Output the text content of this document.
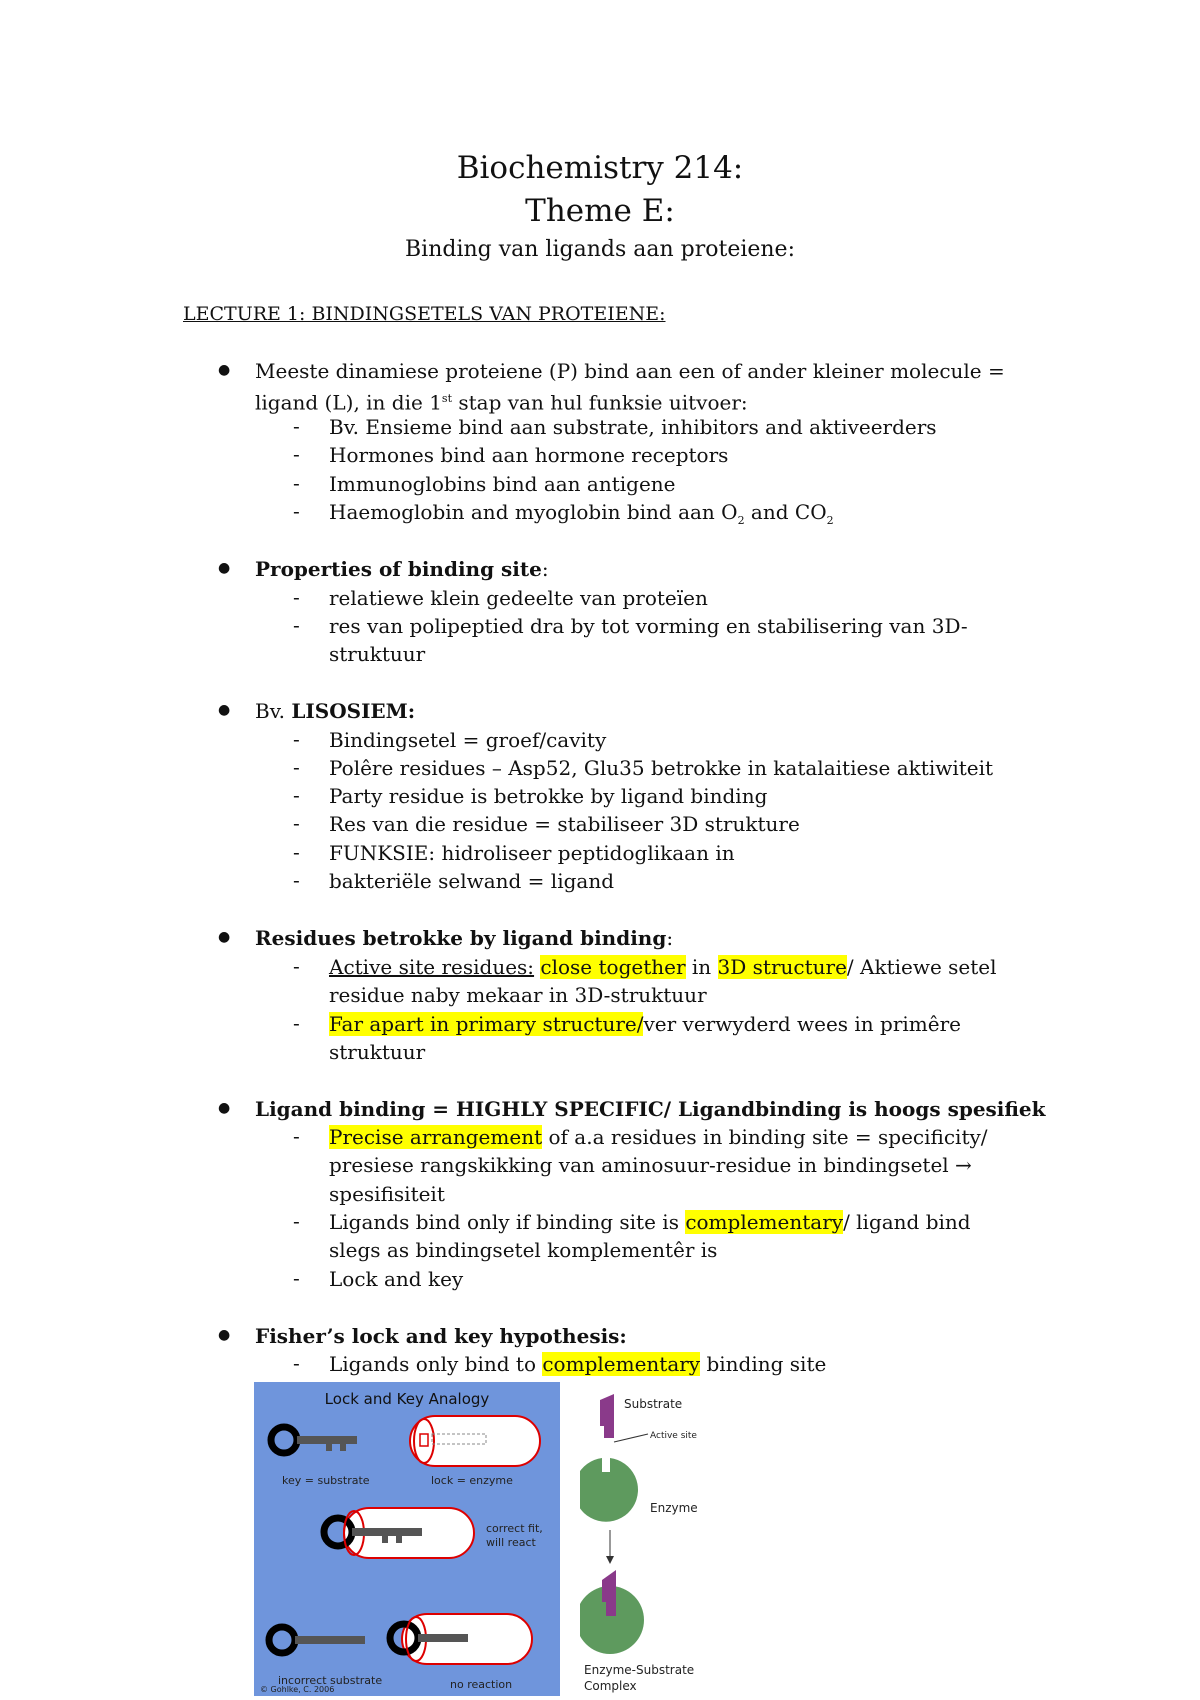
Biochemistry 214:
Theme E:
Binding van ligands aan proteiene:
LECTURE 1: BINDINGSETELS VAN PROTEIENE:
● Meeste dinamiese proteiene (P) bind aan een of ander kleiner molecule =
ligand (L), in die 1st stap van hul funksie uitvoer:
- Bv. Ensieme bind aan substrate, inhibitors and aktiveerders
- Hormones bind aan hormone receptors
- Immunoglobins bind aan antigene
- Haemoglobin and myoglobin bind aan $O_2$ and $CO_2$
● Properties of binding site:
- relatiewe klein gedeelte van proteïen
- res van polipeptied dra by tot vorming en stabilisering van 3D-
struktuur
● Bv. LISOSIEM:
- Bindingsetel = groef/cavity
- Polêre residues – Asp52, Glu35 betrokke in katalaitiese aktiwiteit
- Party residue is betrokke by ligand binding
- Res van die residue = stabiliseer 3D strukture
- FUNKSIE: hidroliseer peptidoglikaan in
- bakteriële selwand = ligand
● Residues betrokke by ligand binding:
- Active site residues: close together in 3D structure/ Aktiewe setel
residue naby mekaar in 3D-struktuur
- Far apart in primary structure/ver verwyderd wees in primêre
struktuur
● Ligand binding = HIGHLY SPECIFIC/ Ligandbinding is hoogs spesifiek
- Precise arrangement of a.a residues in binding site = specificity/
presiese rangskikking van aminosuur-residue in bindingsetel →
spesifisiteit
- Ligands bind only if binding site is complementary/ ligand bind
slegs as bindingsetel komplementêr is
- Lock and key
● Fisher’s lock and key hypothesis:
- Ligands only bind to complementary binding site
Lock and Key Analogy
key = substrate	lock = enzyme
correct fit,
will react
incorrect substrate	no reaction
© Gohlke, C. 2006
Substrate
Active site
Enzyme
Enzyme-Substrate
Complex
